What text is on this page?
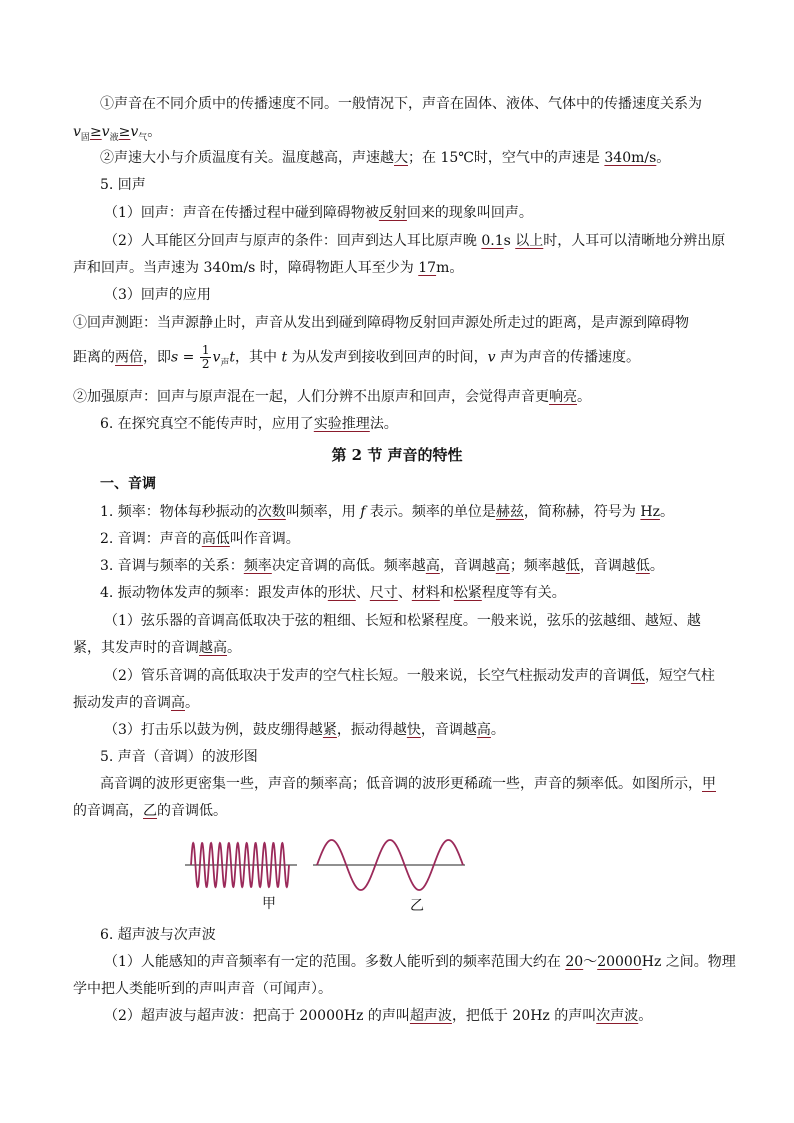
①声音在不同介质中的传播速度不同。一般情况下，声音在固体、液体、气体中的传播速度关系为
$v_固\ge v_液\ge v_气$。
②声速大小与介质温度有关。温度越高，声速越大；在 15℃时，空气中的声速是 340m/s。
5. 回声
（1）回声：声音在传播过程中碰到障碍物被反射回来的现象叫回声。
（2）人耳能区分回声与原声的条件：回声到达人耳比原声晚 0.1s 以上时，人耳可以清晰地分辨出原
声和回声。当声速为 340m/s 时，障碍物距人耳至少为 17m。
（3）回声的应用
①回声测距：当声源静止时，声音从发出到碰到障碍物反射回声源处所走过的距离，是声源到障碍物
距离的两倍，即$s = \frac{1}{2} v_声t$，其中 t 为从发声到接收到回声的时间，v 声为声音的传播速度。
②加强原声：回声与原声混在一起，人们分辨不出原声和回声，会觉得声音更响亮。
6. 在探究真空不能传声时，应用了实验推理法。
第 2 节 声音的特性
一、音调
1. 频率：物体每秒振动的次数叫频率，用 f 表示。频率的单位是赫兹，简称赫，符号为 Hz。
2. 音调：声音的高低叫作音调。
3. 音调与频率的关系：频率决定音调的高低。频率越高，音调越高；频率越低，音调越低。
4. 振动物体发声的频率：跟发声体的形状、尺寸、材料和松紧程度等有关。
（1）弦乐器的音调高低取决于弦的粗细、长短和松紧程度。一般来说，弦乐的弦越细、越短、越
紧，其发声时的音调越高。
（2）管乐音调的高低取决于发声的空气柱长短。一般来说，长空气柱振动发声的音调低，短空气柱
振动发声的音调高。
（3）打击乐以鼓为例，鼓皮绷得越紧，振动得越快，音调越高。
5. 声音（音调）的波形图
高音调的波形更密集一些，声音的频率高；低音调的波形更稀疏一些，声音的频率低。如图所示，甲
的音调高，乙的音调低。
甲	乙
6. 超声波与次声波
（1）人能感知的声音频率有一定的范围。多数人能听到的频率范围大约在 20～20000Hz 之间。物理
学中把人类能听到的声叫声音（可闻声）。
（2）超声波与超声波：把高于 20000Hz 的声叫超声波，把低于 20Hz 的声叫次声波。
